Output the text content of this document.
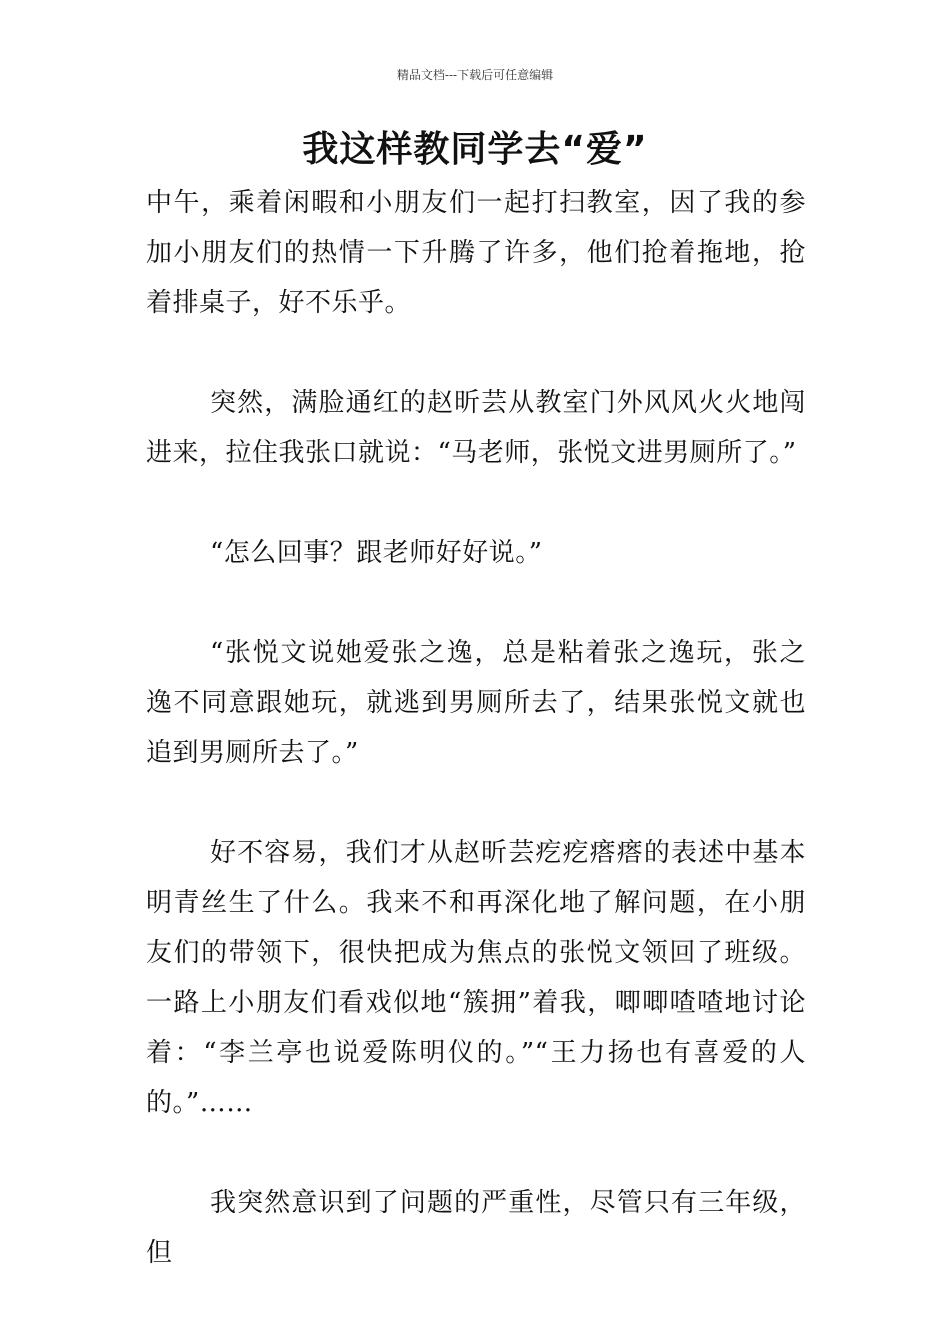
精品文档---下载后可任意编辑
我这样教同学去“爱”

中午，乘着闲暇和小朋友们一起打扫教室，因了我的参加小朋友们的热情一下升腾了许多，他们抢着拖地，抢着排桌子，好不乐乎。

突然，满脸通红的赵昕芸从教室门外风风火火地闯进来，拉住我张口就说：“马老师，张悦文进男厕所了。”

“怎么回事？跟老师好好说。”

“张悦文说她爱张之逸，总是粘着张之逸玩，张之逸不同意跟她玩，就逃到男厕所去了，结果张悦文就也追到男厕所去了。”

好不容易，我们才从赵昕芸疙疙瘩瘩的表述中基本明青丝生了什么。我来不和再深化地了解问题，在小朋友们的带领下，很快把成为焦点的张悦文领回了班级。一路上小朋友们看戏似地“簇拥”着我，唧唧喳喳地讨论着：“李兰亭也说爱陈明仪的。”“王力扬也有喜爱的人的。”……

我突然意识到了问题的严重性，尽管只有三年级，但
